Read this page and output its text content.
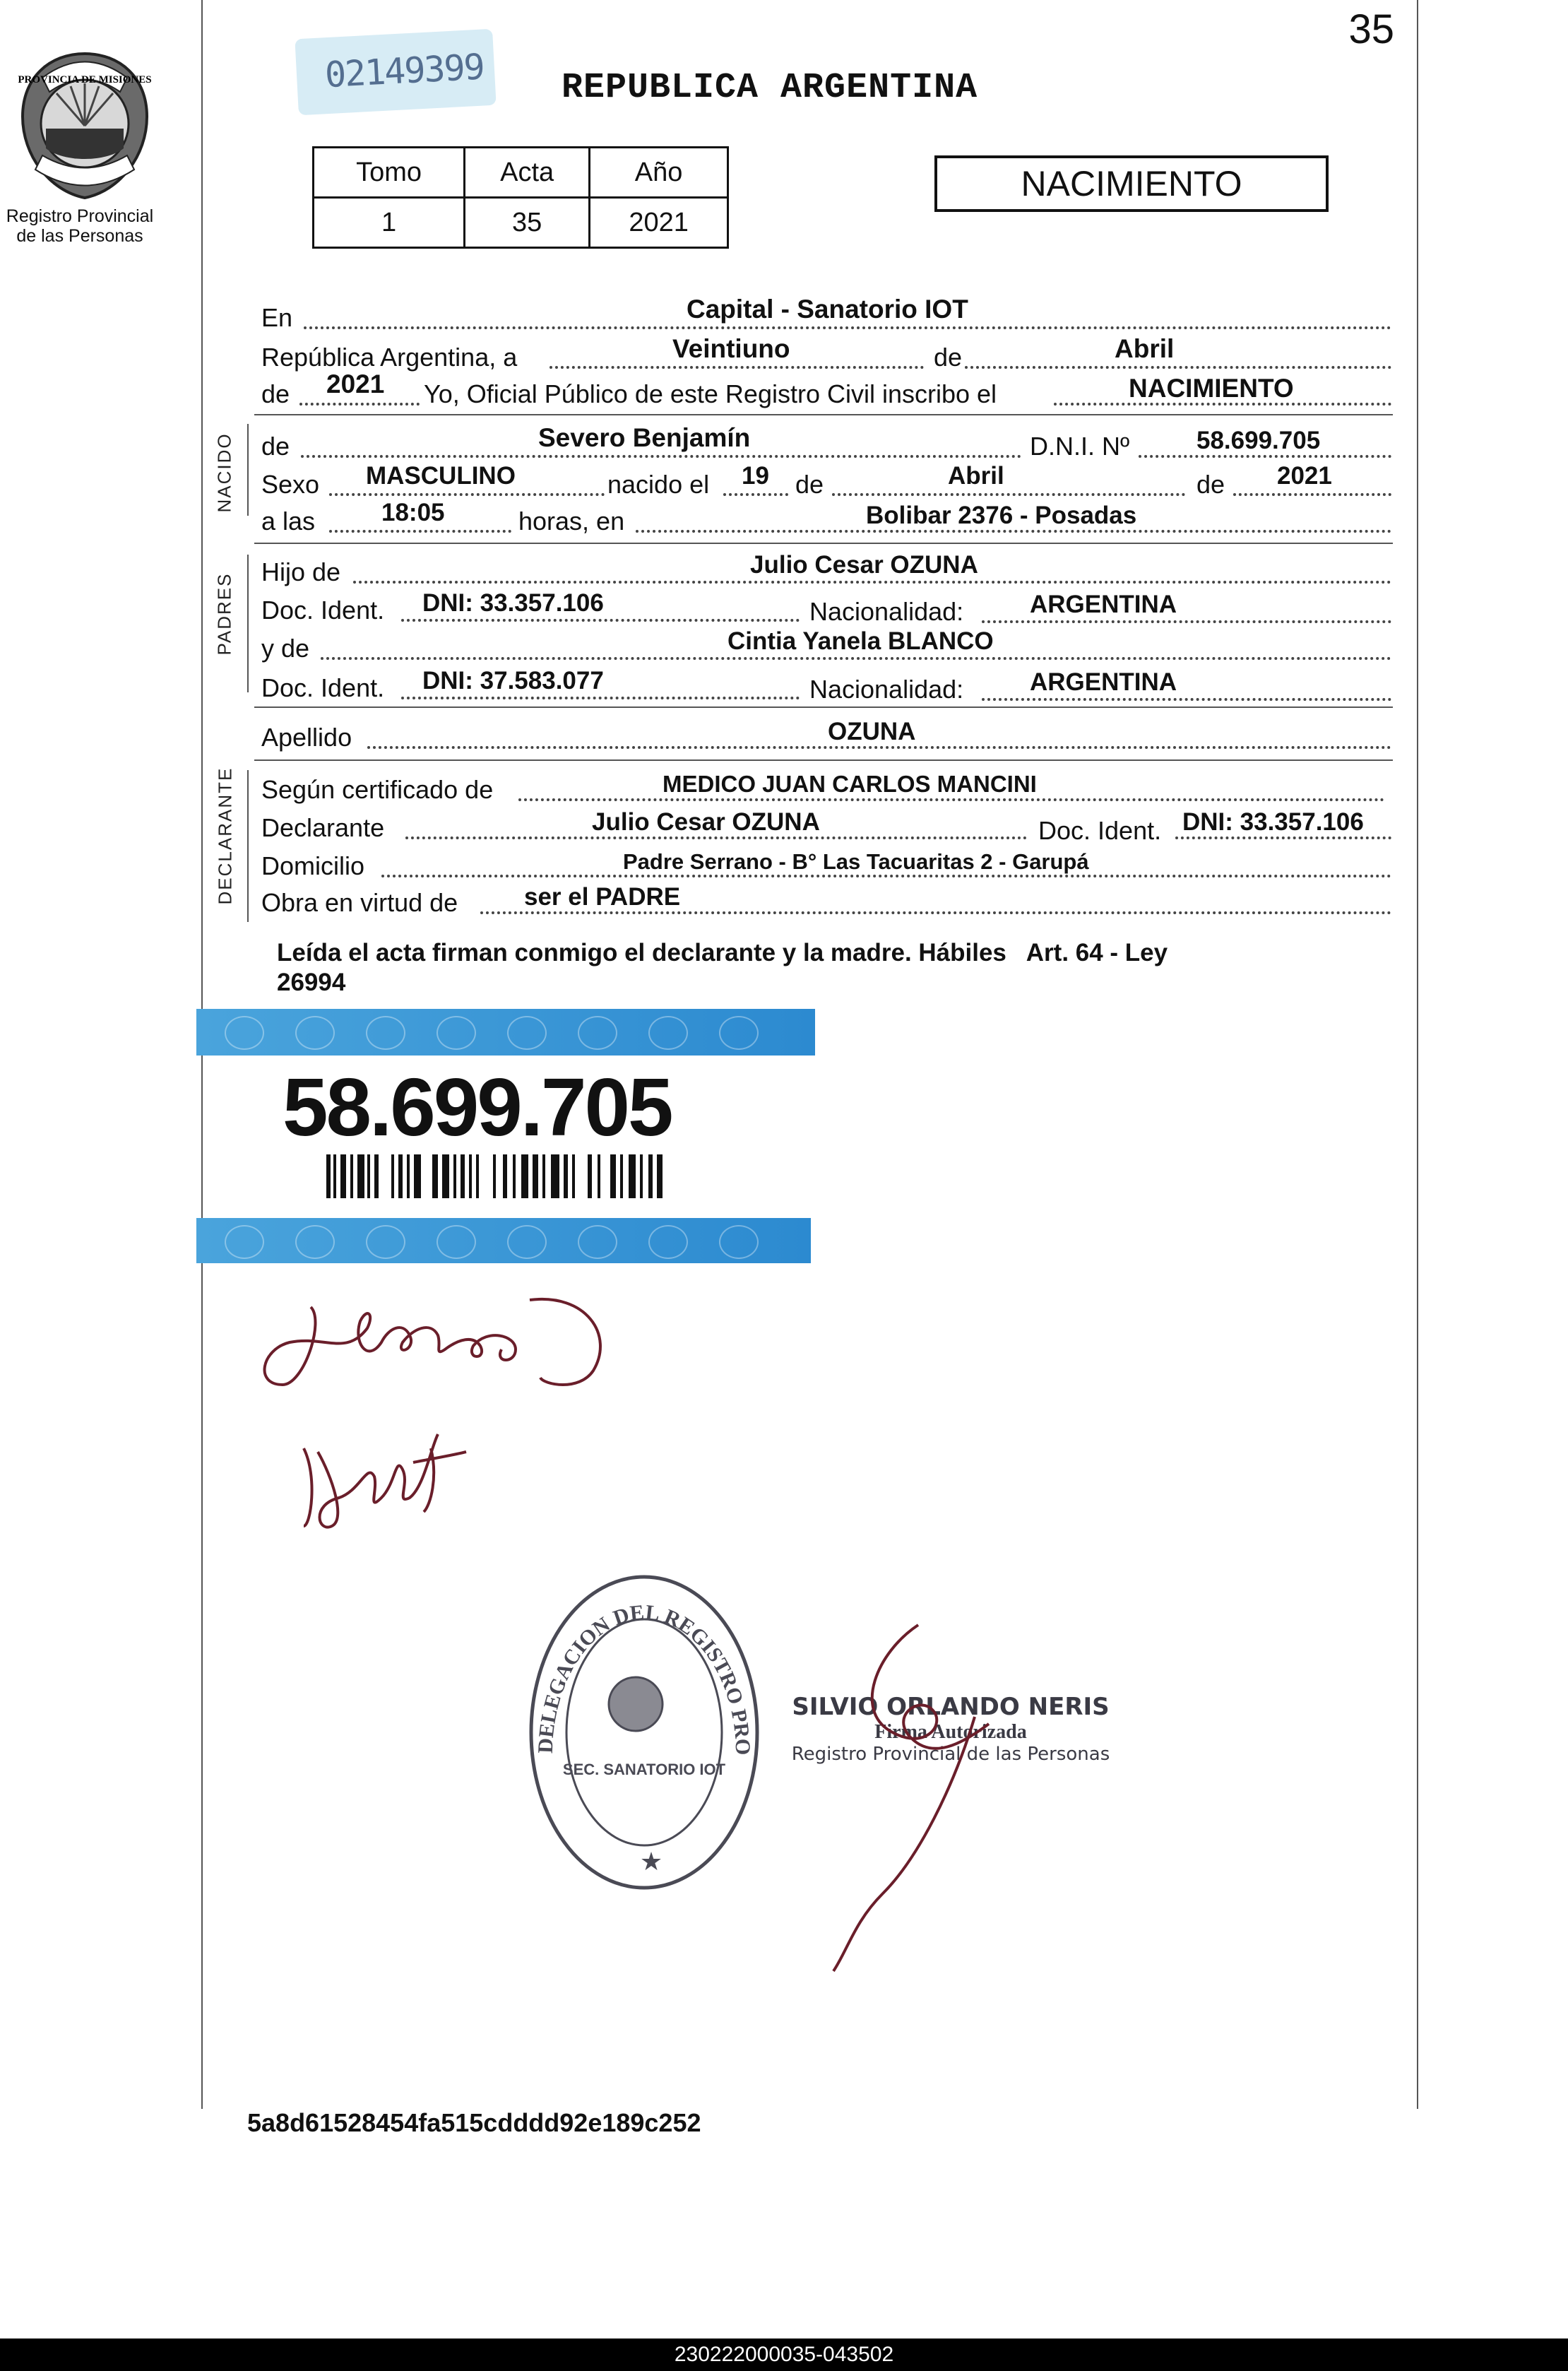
35
PROVINCIA DE MISIONES
Registro Provincial
de las Personas
02149399 REPUBLICA ARGENTINA
Tomo	Acta	Año
1	35	2021
NACIMIENTO
NACIDO
PADRES
DECLARANTE
En	Capital - Sanatorio IOT
República Argentina, a	Veintiuno	de	Abril
de 2021 Yo, Oficial Público de este Registro Civil inscribo el	NACIMIENTO
de	Severo Benjamín	D.N.I. Nº	58.699.705
Sexo MASCULINO	nacido el 19 de	Abril	de 2021
a las	18:05	horas, en	Bolibar 2376 - Posadas
Hijo de	Julio Cesar OZUNA
Doc. Ident. DNI: 33.357.106	Nacionalidad:	ARGENTINA
y de	Cintia Yanela BLANCO
Doc. Ident. DNI: 37.583.077	Nacionalidad:	ARGENTINA
Apellido	OZUNA
Según certificado de	MEDICO JUAN CARLOS MANCINI
Declarante	Julio Cesar OZUNA	Doc. Ident. DNI: 33.357.106
Domicilio	Padre Serrano - B° Las Tacuaritas 2 - Garupá
Obra en virtud de	ser el PADRE
Leída el acta firman conmigo el declarante y la madre. Hábiles   Art. 64 - Ley
26994
58.699.705
DELEGACION DEL REGISTRO PRO
SEC. SANATORIO IOT
★
SILVIO ORLANDO NERIS
Firma Autorizada
Registro Provincial de las Personas
5a8d61528454fa515cdddd92e189c252
230222000035-043502
